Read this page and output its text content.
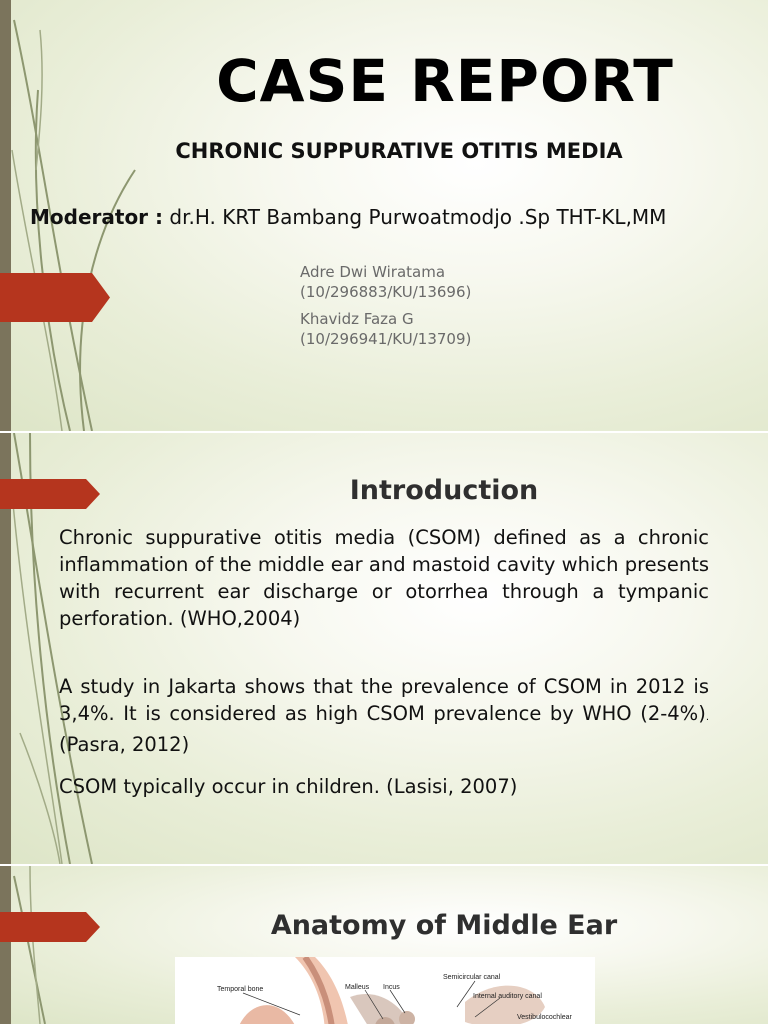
CASE REPORT
CHRONIC SUPPURATIVE OTITIS MEDIA
Moderator : dr.H. KRT Bambang Purwoatmodjo .Sp THT-KL,MM
Adre Dwi Wiratama
(10/296883/KU/13696)
Khavidz Faza G
(10/296941/KU/13709)
Introduction

Chronic suppurative otitis media (CSOM) defined as a chronic inflammation of the middle ear and mastoid cavity which presents with recurrent ear discharge or otorrhea through a tympanic perforation. (WHO,2004)

A study in Jakarta shows that the prevalence of CSOM in 2012 is 3,4%. It is considered as high CSOM prevalence by WHO (2-4%). (Pasra, 2012)

CSOM typically occur in children. (Lasisi, 2007)

Anatomy of Middle Ear
Temporal bone	Malleus Incus
Semicircular canal
Internal auditory canal
Vestibulocochlear
